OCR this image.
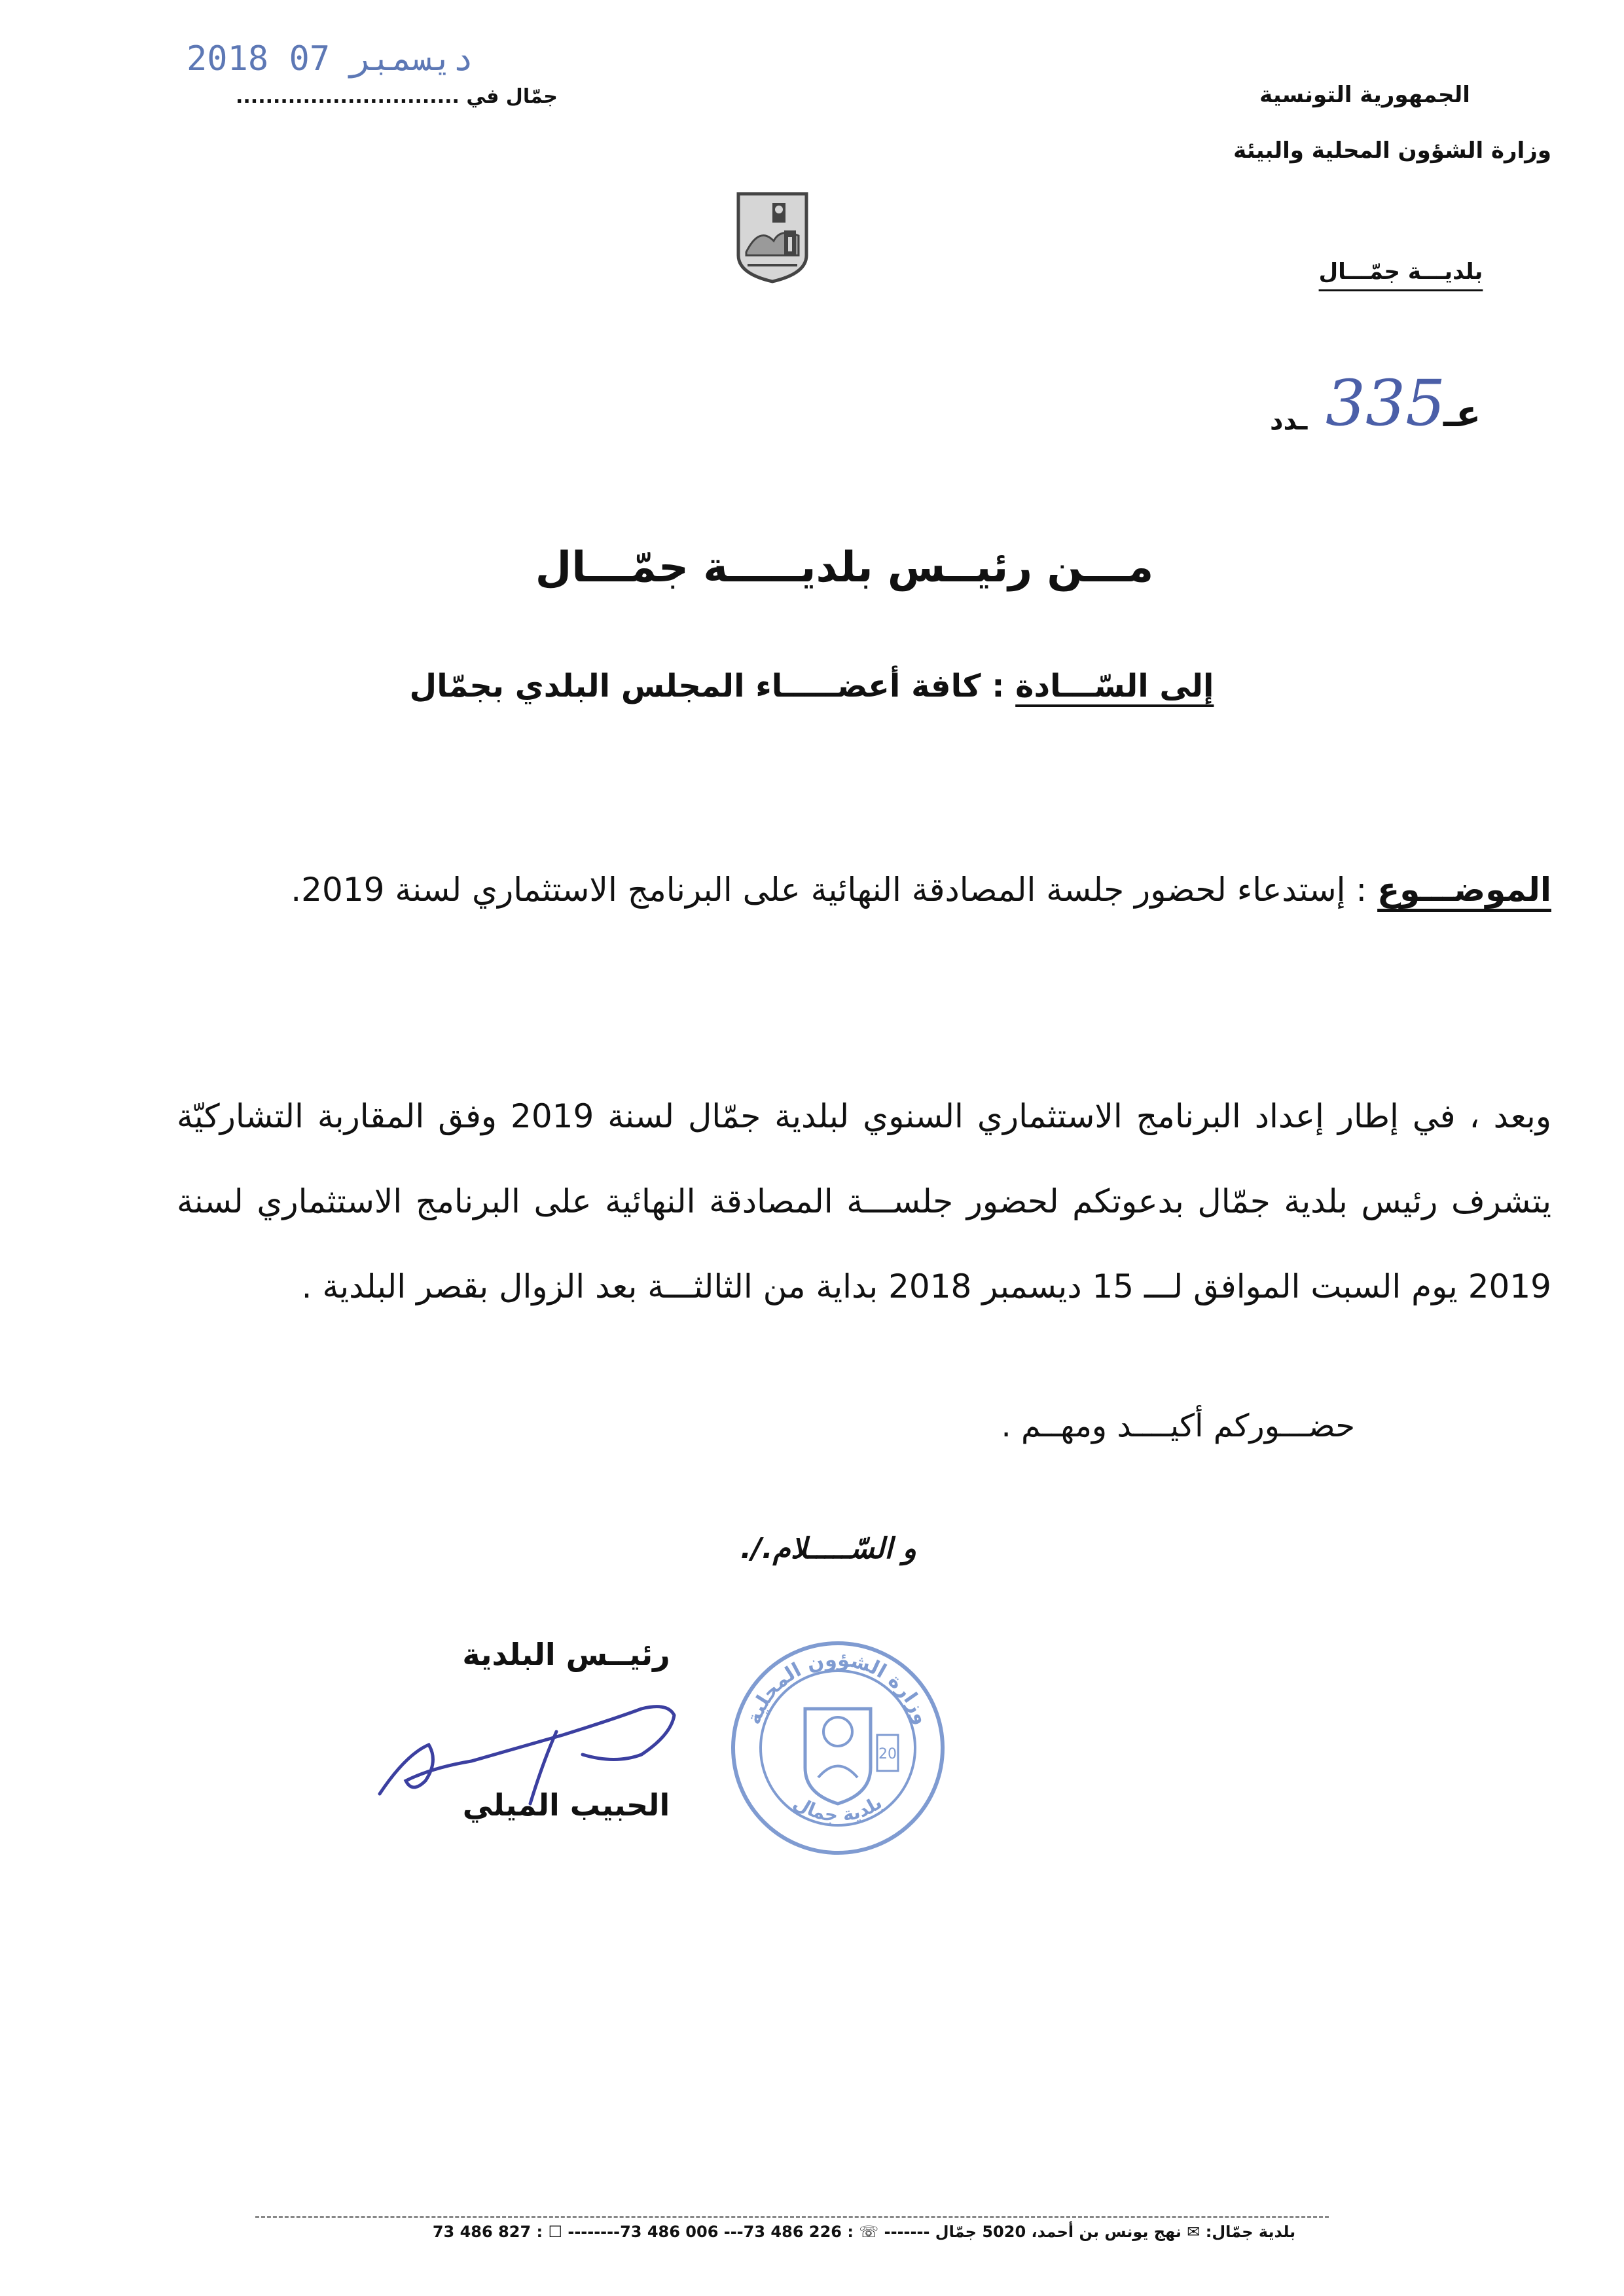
2018 ديسمبر 07
جمّال في ..............................	الجمهورية التونسية
وزارة الشؤون المحلية والبيئة
بلديـــة جمّـــال
ـدد 335
عـ
مـــن رئيــس بلديـــــة جمّـــال
إلى السّـــادة : كافة أعضـــــاء المجلس البلدي بجمّال
الموضـــوع : إستدعاء لحضور جلسة المصادقة النهائية على البرنامج الاستثماري لسنة 2019.
وبعد ، في إطار إعداد البرنامج الاستثماري السنوي لبلدية جمّال لسنة 2019 وفق المقاربة التشاركيّة يتشرف رئيس بلدية جمّال بدعوتكم لحضور جلســـة المصادقة النهائية على البرنامج الاستثماري لسنة 2019 يوم السبت الموافق لـــ 15 ديسمبر 2018 بداية من الثالثـــة بعد الزوال بقصر البلدية .
حضـــوركم أكيــــد ومهــم .
و السّـــــلام./.
رئيــس البلدية
الحبيب الميلي
20
وزارة الشؤون المحلية
بلدية جمال
بلدية جمّال: ✉ نهج يونس بن أحمد، 5020 جمّال ------- ☏ : 226 486 73--- 006 486 73-------- ☐ : 827 486 73
